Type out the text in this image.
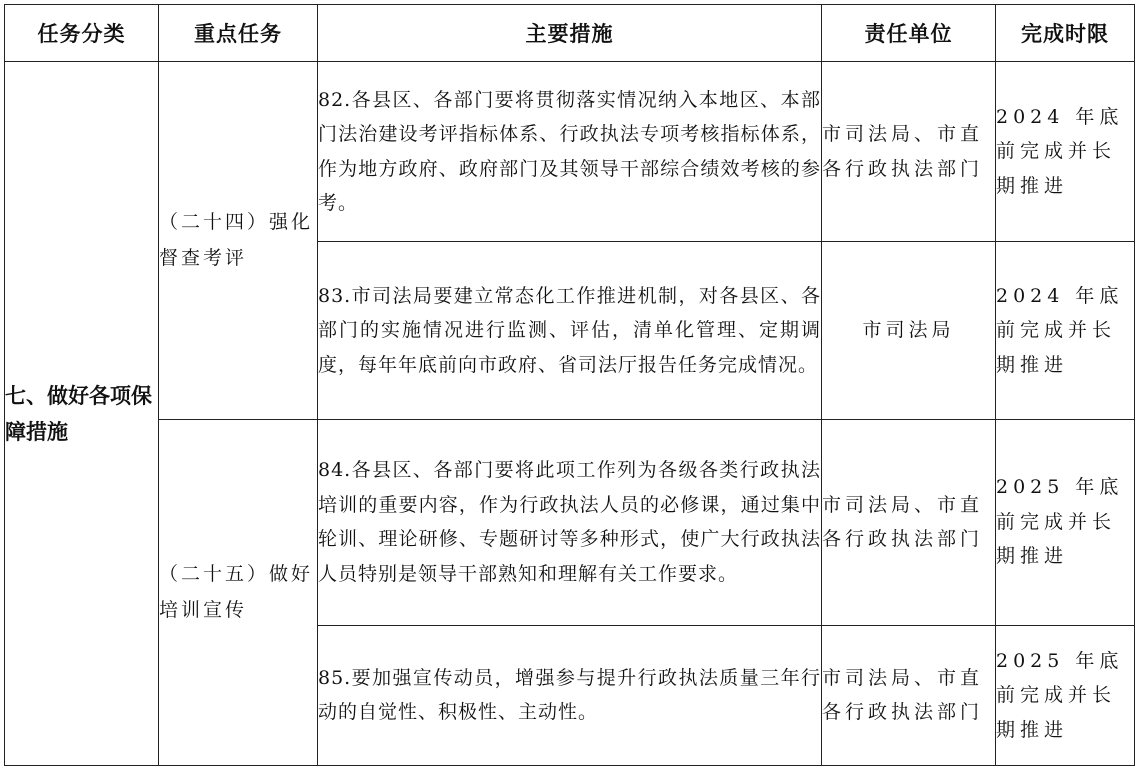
任务分类	重点任务	主要措施	责任单位	完成时限
七、做好各项保障措施	（二十四）强化督查考评	82.各县区、各部门要将贯彻落实情况纳入本地区、本部门法治建设考评指标体系、行政执法专项考核指标体系，作为地方政府、政府部门及其领导干部综合绩效考核的参考。	市司法局、市直各行政执法部门	2024 年底前完成并长期推进
		83.市司法局要建立常态化工作推进机制，对各县区、各部门的实施情况进行监测、评估，清单化管理、定期调度，每年年底前向市政府、省司法厅报告任务完成情况。	市司法局	2024 年底前完成并长期推进
	（二十五）做好培训宣传	84.各县区、各部门要将此项工作列为各级各类行政执法培训的重要内容，作为行政执法人员的必修课，通过集中轮训、理论研修、专题研讨等多种形式，使广大行政执法人员特别是领导干部熟知和理解有关工作要求。	市司法局、市直各行政执法部门	2025 年底前完成并长期推进
		85.要加强宣传动员，增强参与提升行政执法质量三年行动的自觉性、积极性、主动性。	市司法局、市直各行政执法部门	2025 年底前完成并长期推进
